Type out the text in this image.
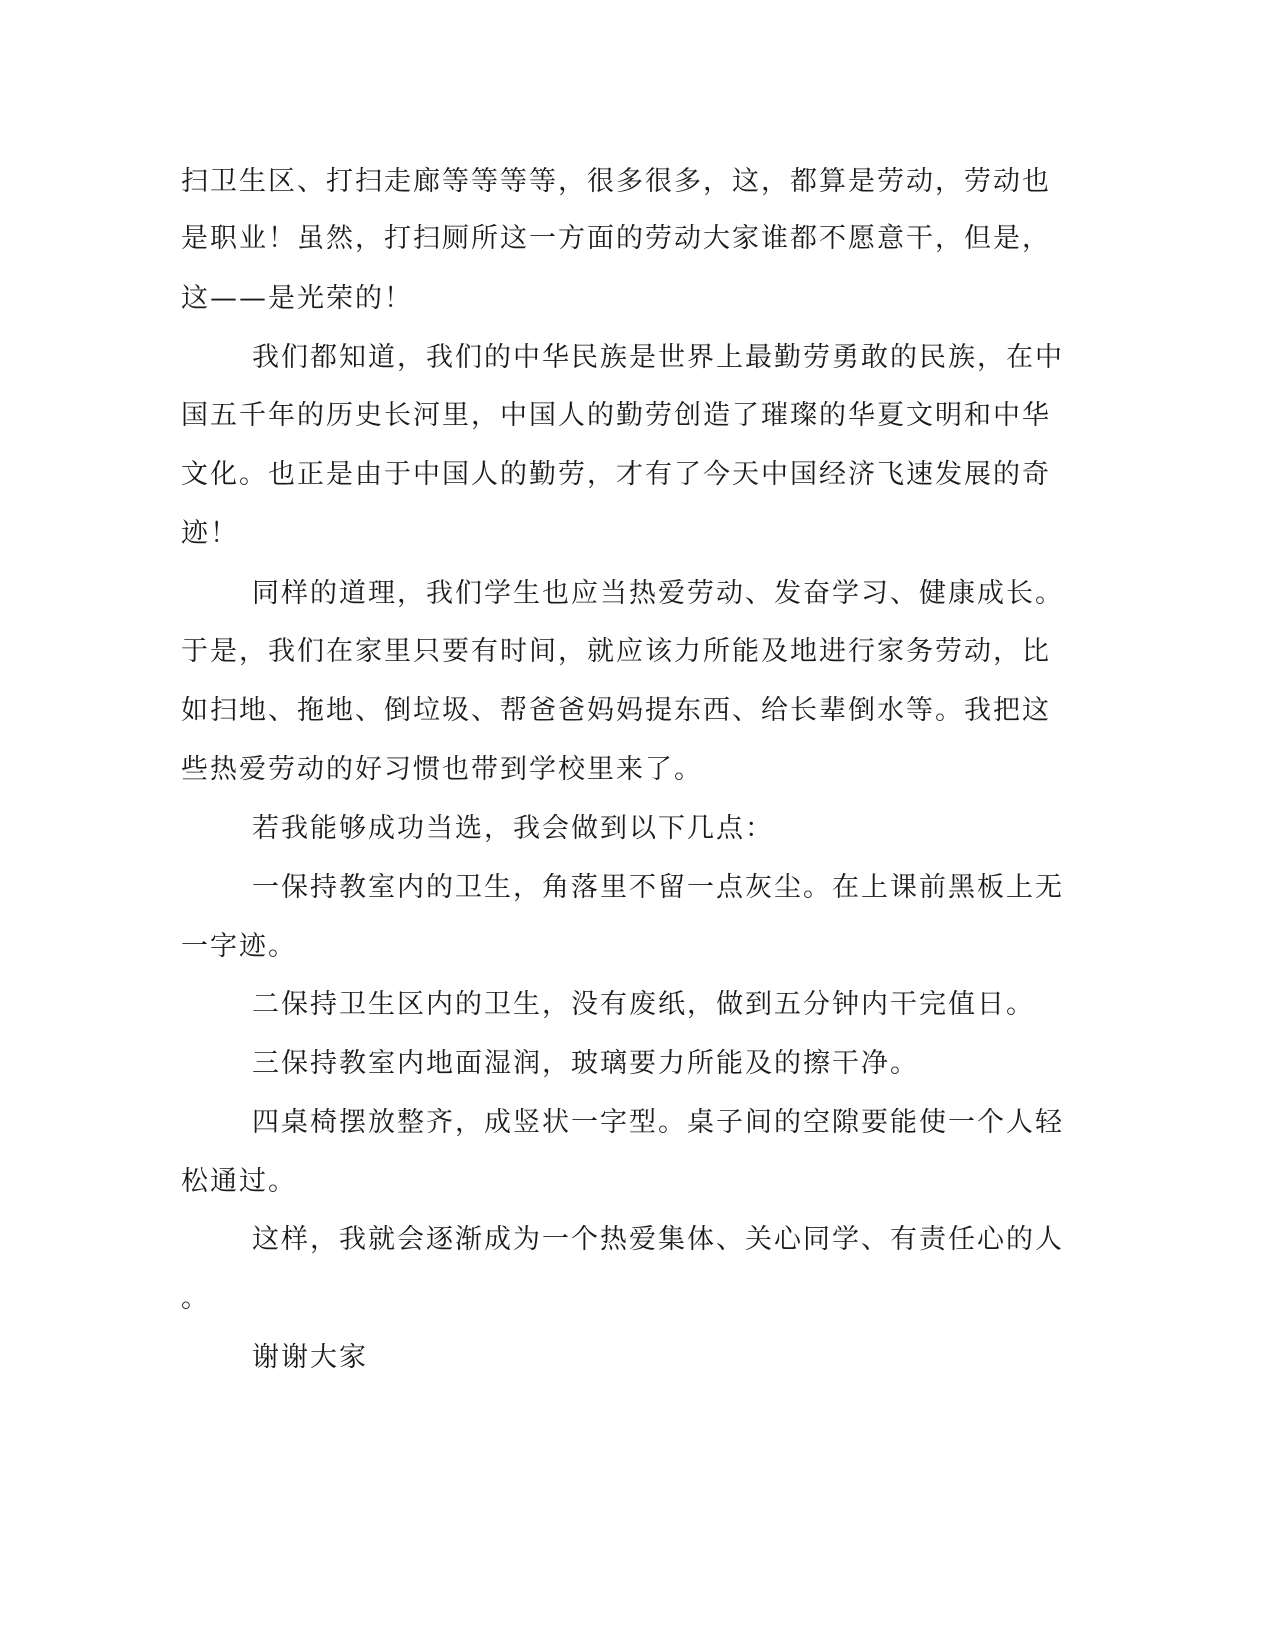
扫卫生区、打扫走廊等等等等，很多很多，这，都算是劳动，劳动也
是职业！虽然，打扫厕所这一方面的劳动大家谁都不愿意干，但是，
这——是光荣的！
我们都知道，我们的中华民族是世界上最勤劳勇敢的民族，在中
国五千年的历史长河里，中国人的勤劳创造了璀璨的华夏文明和中华
文化。也正是由于中国人的勤劳，才有了今天中国经济飞速发展的奇
迹！
同样的道理，我们学生也应当热爱劳动、发奋学习、健康成长。
于是，我们在家里只要有时间，就应该力所能及地进行家务劳动，比
如扫地、拖地、倒垃圾、帮爸爸妈妈提东西、给长辈倒水等。我把这
些热爱劳动的好习惯也带到学校里来了。
若我能够成功当选，我会做到以下几点：
一保持教室内的卫生，角落里不留一点灰尘。在上课前黑板上无
一字迹。
二保持卫生区内的卫生，没有废纸，做到五分钟内干完值日。
三保持教室内地面湿润，玻璃要力所能及的擦干净。
四桌椅摆放整齐，成竖状一字型。桌子间的空隙要能使一个人轻
松通过。
这样，我就会逐渐成为一个热爱集体、关心同学、有责任心的人
。
谢谢大家
